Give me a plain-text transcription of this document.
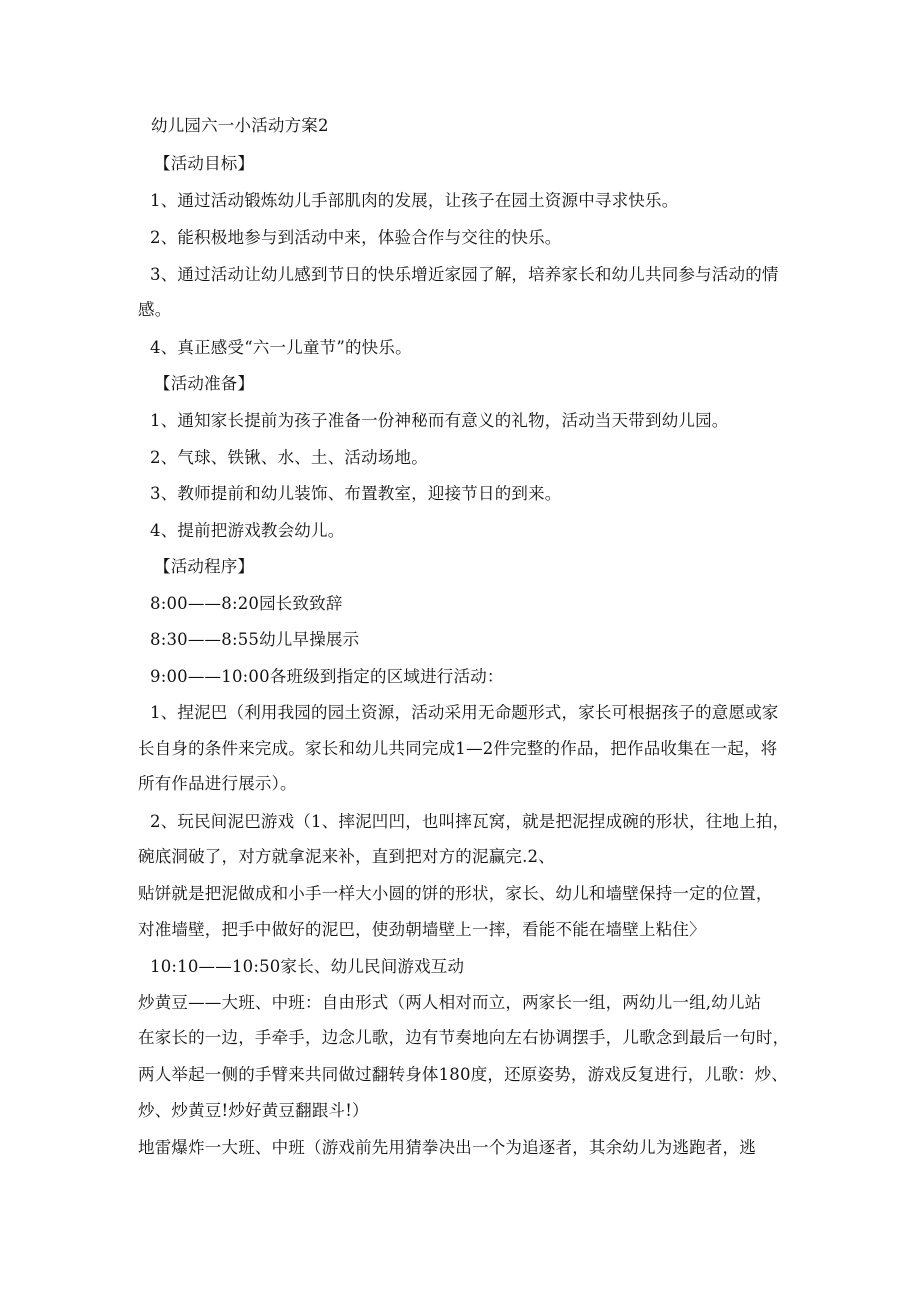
幼儿园六一小活动方案2
【活动目标】
1、通过活动锻炼幼儿手部肌肉的发展，让孩子在园土资源中寻求快乐。
2、能积极地参与到活动中来，体验合作与交往的快乐。
3、通过活动让幼儿感到节日的快乐增近家园了解，培养家长和幼儿共同参与活动的情
感。
4、真正感受“六一儿童节”的快乐。
【活动准备】
1、通知家长提前为孩子准备一份神秘而有意义的礼物，活动当天带到幼儿园。
2、气球、铁锹、水、土、活动场地。
3、教师提前和幼儿装饰、布置教室，迎接节日的到来。
4、提前把游戏教会幼儿。
【活动程序】
8:00——8:20园长致致辞
8:30——8:55幼儿早操展示
9:00——10:00各班级到指定的区域进行活动：
1、捏泥巴（利用我园的园土资源，活动采用无命题形式，家长可根据孩子的意愿或家
长自身的条件来完成。家长和幼儿共同完成1—2件完整的作品，把作品收集在一起，将
所有作品进行展示）。
2、玩民间泥巴游戏（1、摔泥凹凹，也叫摔瓦窝，就是把泥捏成碗的形状，往地上拍，
碗底洞破了，对方就拿泥来补，直到把对方的泥赢完.2、
贴饼就是把泥做成和小手一样大小圆的饼的形状，家长、幼儿和墙壁保持一定的位置，
对准墙壁，把手中做好的泥巴，使劲朝墙壁上一摔，看能不能在墙壁上粘住〉
10:10——10:50家长、幼儿民间游戏互动
炒黄豆——大班、中班：自由形式（两人相对而立，两家长一组，两幼儿一组,幼儿站
在家长的一边，手牵手，边念儿歌，边有节奏地向左右协调摆手，儿歌念到最后一句时，
两人举起一侧的手臂来共同做过翻转身体180度，还原姿势，游戏反复进行，儿歌：炒、
炒、炒黄豆!炒好黄豆翻跟斗!）
地雷爆炸一大班、中班（游戏前先用猜拳决出一个为追逐者，其余幼儿为逃跑者，逃
